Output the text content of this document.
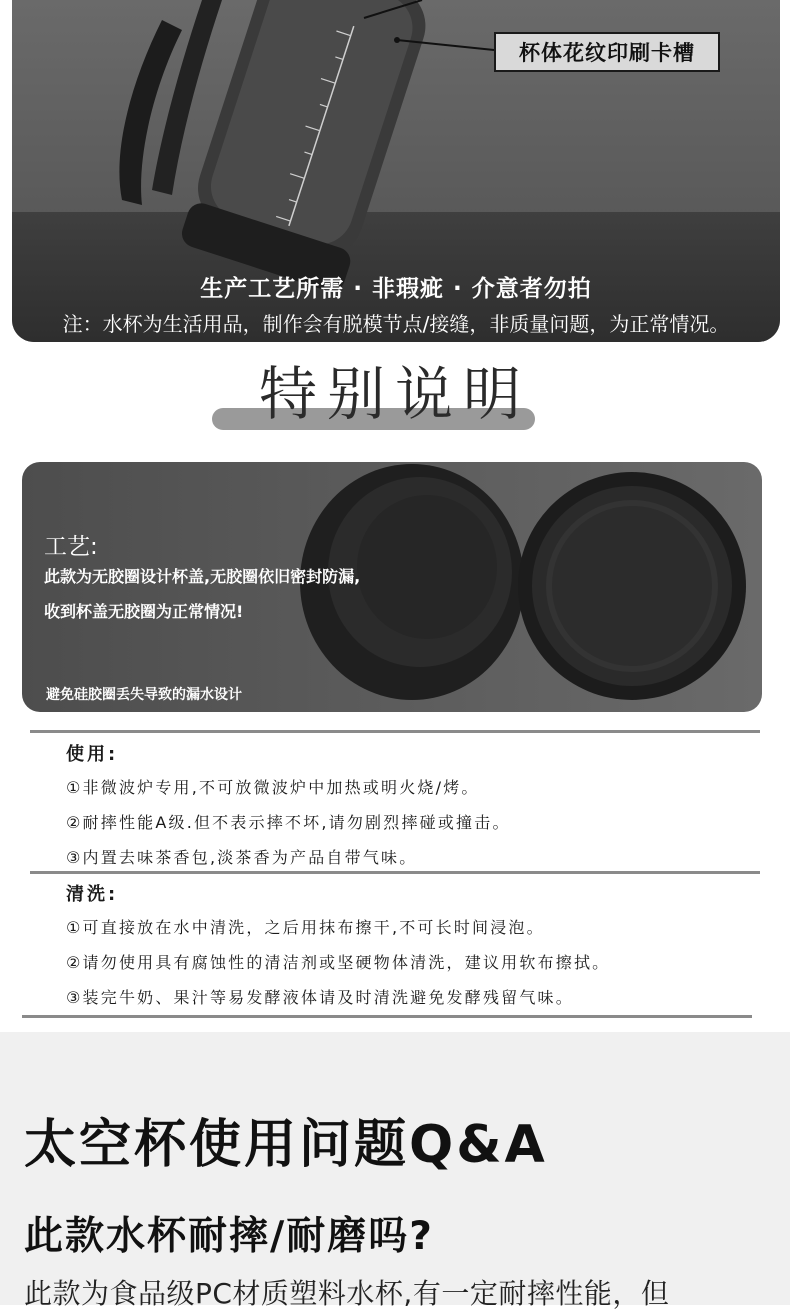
杯体花纹印刷卡槽
生产工艺所需 · 非瑕疵 · 介意者勿拍
注：水杯为生活用品，制作会有脱模节点/接缝，非质量问题，为正常情况。
特别说明
工艺:
此款为无胶圈设计杯盖,无胶圈依旧密封防漏,
收到杯盖无胶圈为正常情况!
避免硅胶圈丢失导致的漏水设计
使用:
①非微波炉专用,不可放微波炉中加热或明火烧/烤。
②耐摔性能A级.但不表示摔不坏,请勿剧烈摔碰或撞击。
③内置去味茶香包,淡茶香为产品自带气味。
清洗:
①可直接放在水中清洗，之后用抹布擦干,不可长时间浸泡。
②请勿使用具有腐蚀性的清洁剂或坚硬物体清洗，建议用软布擦拭。
③装完牛奶、果汁等易发酵液体请及时清洗避免发酵残留气味。
太空杯使用问题Q&A
此款水杯耐摔/耐磨吗?
此款为食品级PC材质塑料水杯,有一定耐摔性能，但
